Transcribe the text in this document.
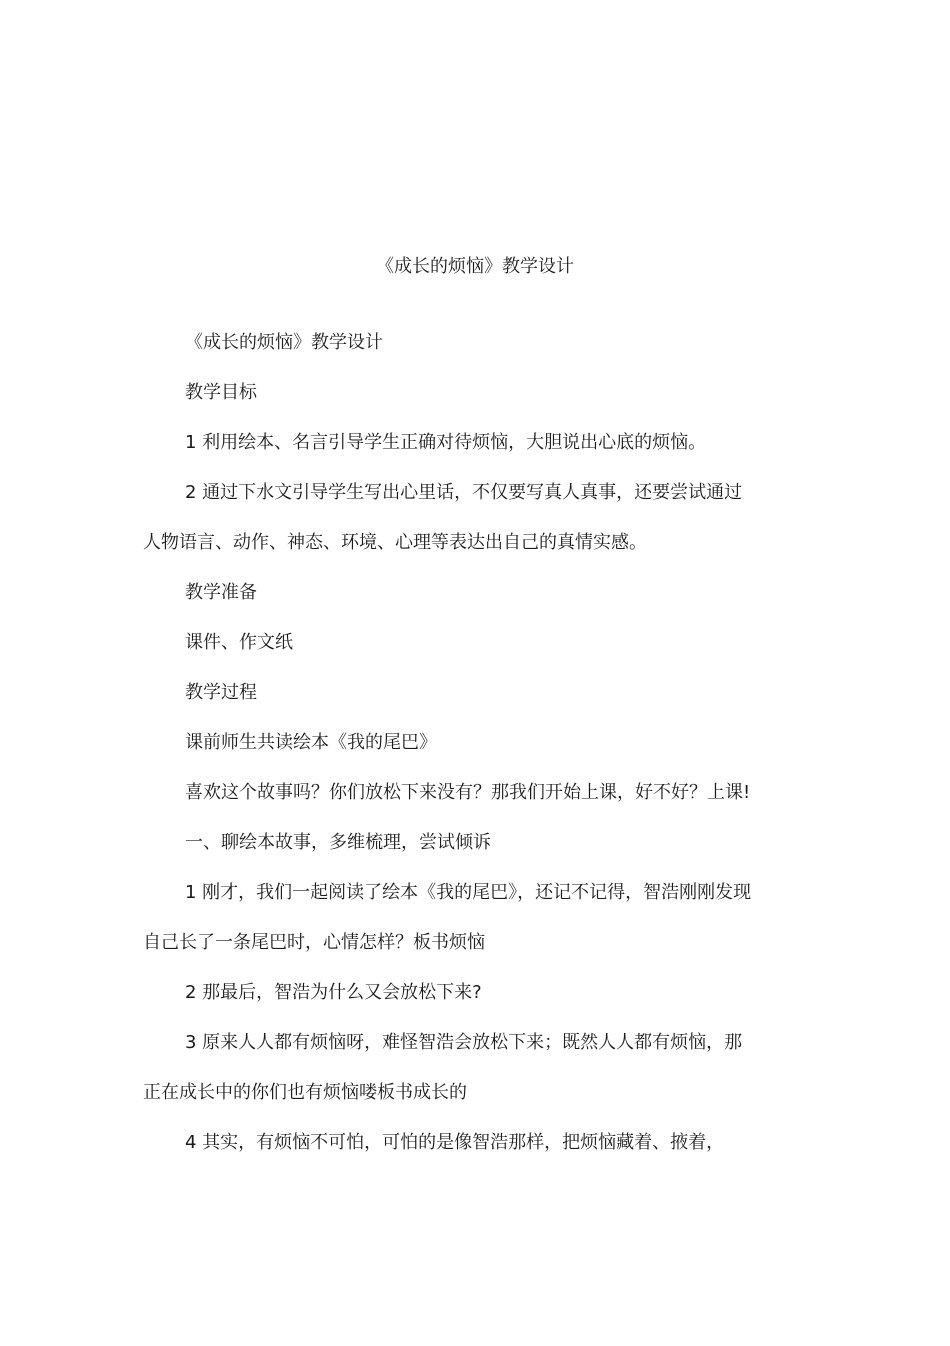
《成长的烦恼》教学设计

《成长的烦恼》教学设计

教学目标

1 利用绘本、名言引导学生正确对待烦恼，大胆说出心底的烦恼。

2 通过下水文引导学生写出心里话，不仅要写真人真事，还要尝试通过人物语言、动作、神态、环境、心理等表达出自己的真情实感。

教学准备

课件、作文纸

教学过程

课前师生共读绘本《我的尾巴》

喜欢这个故事吗？你们放松下来没有？那我们开始上课，好不好？上课!

一、聊绘本故事，多维梳理，尝试倾诉

1 刚才，我们一起阅读了绘本《我的尾巴》，还记不记得，智浩刚刚发现自己长了一条尾巴时，心情怎样？板书烦恼

2 那最后，智浩为什么又会放松下来?

3 原来人人都有烦恼呀，难怪智浩会放松下来；既然人人都有烦恼，那正在成长中的你们也有烦恼喽板书成长的

4 其实，有烦恼不可怕，可怕的是像智浩那样，把烦恼藏着、掖着，
